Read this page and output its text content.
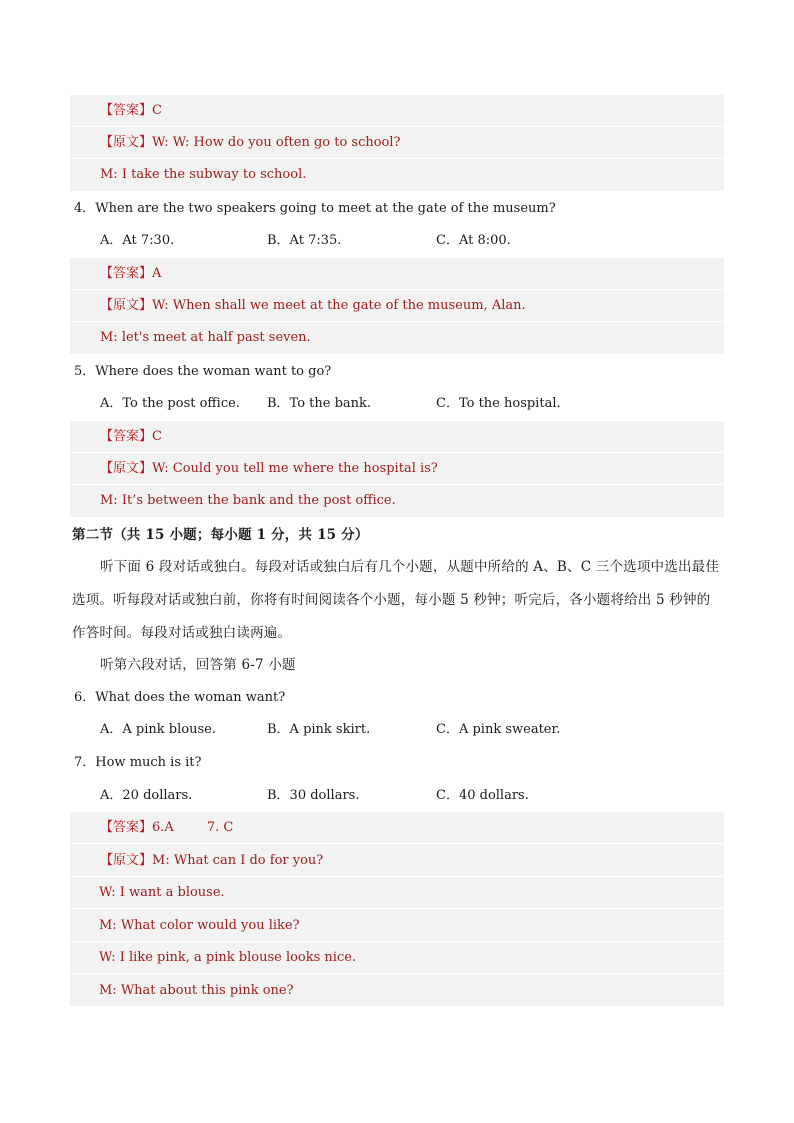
【答案】C
【原文】W: W: How do you often go to school?
M: I take the subway to school.
4．When are the two speakers going to meet at the gate of the museum?
A．At 7:30.	B．At 7:35.	C．At 8:00.
【答案】A
【原文】W: When shall we meet at the gate of the museum, Alan.
M: let's meet at half past seven.
5．Where does the woman want to go?
A．To the post office. B．To the bank.	C．To the hospital.
【答案】C
【原文】W: Could you tell me where the hospital is?
M: It’s between the bank and the post office.
第二节（共 15 小题；每小题 1 分，共 15 分）
听下面 6 段对话或独白。每段对话或独白后有几个小题，从题中所给的 A、B、C 三个选项中选出最佳
选项。听每段对话或独白前，你将有时间阅读各个小题，每小题 5 秒钟；听完后，各小题将给出 5 秒钟的
作答时间。每段对话或独白读两遍。
听第六段对话，回答第 6-7 小题
6．What does the woman want?
A．A pink blouse.	B．A pink skirt.	C．A pink sweater.
7．How much is it?
A．20 dollars.	B．30 dollars.	C．40 dollars.
【答案】6.A        7. C
【原文】M: What can I do for you?
W: I want a blouse.
M: What color would you like?
W: I like pink, a pink blouse looks nice.
M: What about this pink one?
